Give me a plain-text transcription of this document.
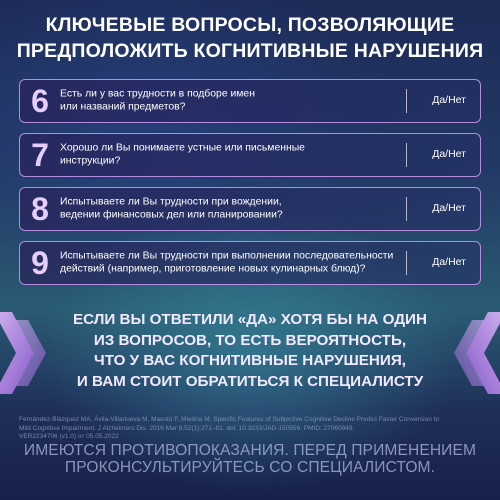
КЛЮЧЕВЫЕ ВОПРОСЫ, ПОЗВОЛЯЮЩИЕ
ПРЕДПОЛОЖИТЬ КОГНИТИВНЫЕ НАРУШЕНИЯ
6 Есть ли у вас трудности в подборе имен
или названий предметов?
Да/Нет
7 Хорошо ли Вы понимаете устные или письменные
инструкции?
Да/Нет
8 Испытываете ли Вы трудности при вождении,
ведении финансовых дел или планировании?
Да/Нет
9 Испытываете ли Вы трудности при выполнении последовательности
действий (например, приготовление новых кулинарных блюд)?
Да/Нет
ЕСЛИ ВЫ ОТВЕТИЛИ «ДА» ХОТЯ БЫ НА ОДИН
ИЗ ВОПРОСОВ, ТО ЕСТЬ ВЕРОЯТНОСТЬ,
ЧТО У ВАС КОГНИТИВНЫЕ НАРУШЕНИЯ,
И ВАМ СТОИТ ОБРАТИТЬСЯ К СПЕЦИАЛИСТУ
Fernández-Blázquez MA, Ávila-Villanueva M, Maestú F, Medina M. Specific Features of Subjective Cognitive Decline Predict Faster Conversion to
Mild Cognitive Impairment. J Alzheimers Dis. 2016 Mar 8;52(1):271–81. doi: 10.3233/JAD-150956. PMID: 27060949.
VER2234706 (v1.0) от 05.05.2022
ИМЕЮТСЯ ПРОТИВОПОКАЗАНИЯ. ПЕРЕД ПРИМЕНЕНИЕМ
ПРОКОНСУЛЬТИРУЙТЕСЬ СО СПЕЦИАЛИСТОМ.
